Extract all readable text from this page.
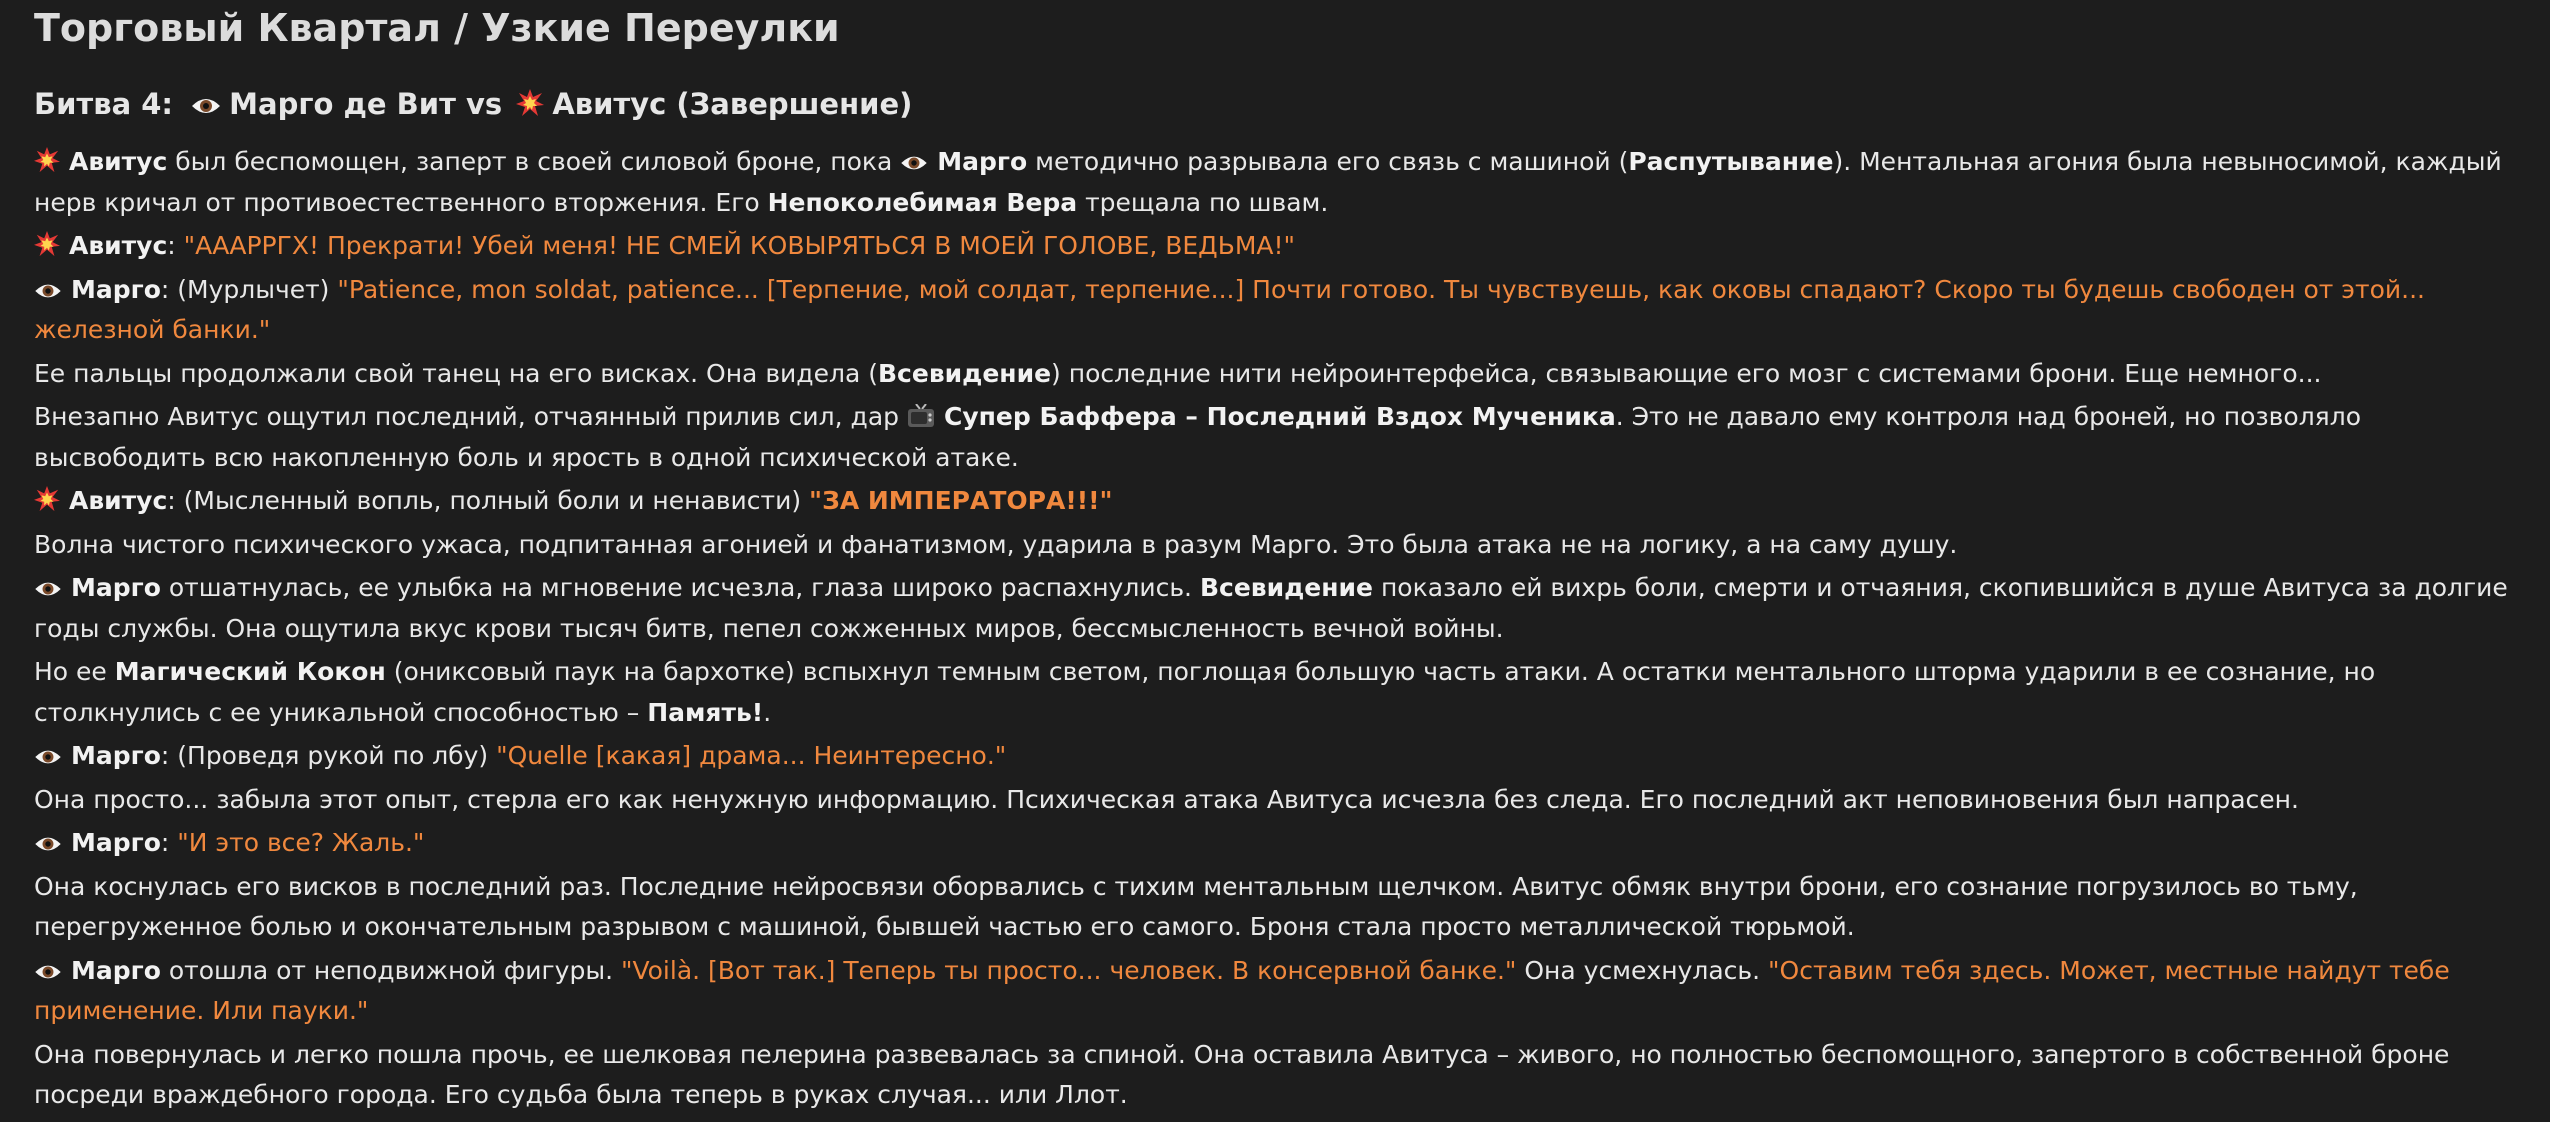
Торговый Квартал / Узкие Переулки
Битва 4: Марго де Вит vs Авитус (Завершение)

Авитус был беспомощен, заперт в своей силовой броне, пока
Марго методично разрывала его связь с машиной (Распутывание). Ментальная агония была невыносимой, каждый нерв кричал от противоестественного вторжения. Его Непоколебимая Вера трещала по швам.

Авитус: "АААРРГХ! Прекрати! Убей меня! НЕ СМЕЙ КОВЫРЯТЬСЯ В МОЕЙ ГОЛОВЕ, ВЕДЬМА!"

Марго: (Мурлычет) "Patience, mon soldat, patience... [Терпение, мой солдат, терпение...] Почти готово. Ты чувствуешь, как оковы спадают? Скоро ты будешь свободен от этой... железной банки."

Ее пальцы продолжали свой танец на его висках. Она видела (Всевидение) последние нити нейроинтерфейса, связывающие его мозг с системами брони. Еще немного...

Внезапно Авитус ощутил последний, отчаянный прилив сил, дар
Супер Баффера – Последний Вздох Мученика. Это не давало ему контроля над броней, но позволяло высвободить всю накопленную боль и ярость в одной психической атаке.

Авитус: (Мысленный вопль, полный боли и ненависти) "ЗА ИМПЕРАТОРА!!!"

Волна чистого психического ужаса, подпитанная агонией и фанатизмом, ударила в разум Марго. Это была атака не на логику, а на саму душу.

Марго отшатнулась, ее улыбка на мгновение исчезла, глаза широко распахнулись. Всевидение показало ей вихрь боли, смерти и отчаяния, скопившийся в душе Авитуса за долгие годы службы. Она ощутила вкус крови тысяч битв, пепел сожженных миров, бессмысленность вечной войны.

Но ее Магический Кокон (ониксовый паук на бархотке) вспыхнул темным светом, поглощая большую часть атаки. А остатки ментального шторма ударили в ее сознание, но столкнулись с ее уникальной способностью – Память!.

Марго: (Проведя рукой по лбу) "Quelle [какая] драма... Неинтересно."

Она просто... забыла этот опыт, стерла его как ненужную информацию. Психическая атака Авитуса исчезла без следа. Его последний акт неповиновения был напрасен.

Марго: "И это все? Жаль."

Она коснулась его висков в последний раз. Последние нейросвязи оборвались с тихим ментальным щелчком. Авитус обмяк внутри брони, его сознание погрузилось во тьму, перегруженное болью и окончательным разрывом с машиной, бывшей частью его самого. Броня стала просто металлической тюрьмой.

Марго отошла от неподвижной фигуры. "Voilà. [Вот так.] Теперь ты просто... человек. В консервной банке." Она усмехнулась. "Оставим тебя здесь. Может, местные найдут тебе применение. Или пауки."

Она повернулась и легко пошла прочь, ее шелковая пелерина развевалась за спиной. Она оставила Авитуса – живого, но полностью беспомощного, запертого в собственной броне посреди враждебного города. Его судьба была теперь в руках случая... или Ллот.
